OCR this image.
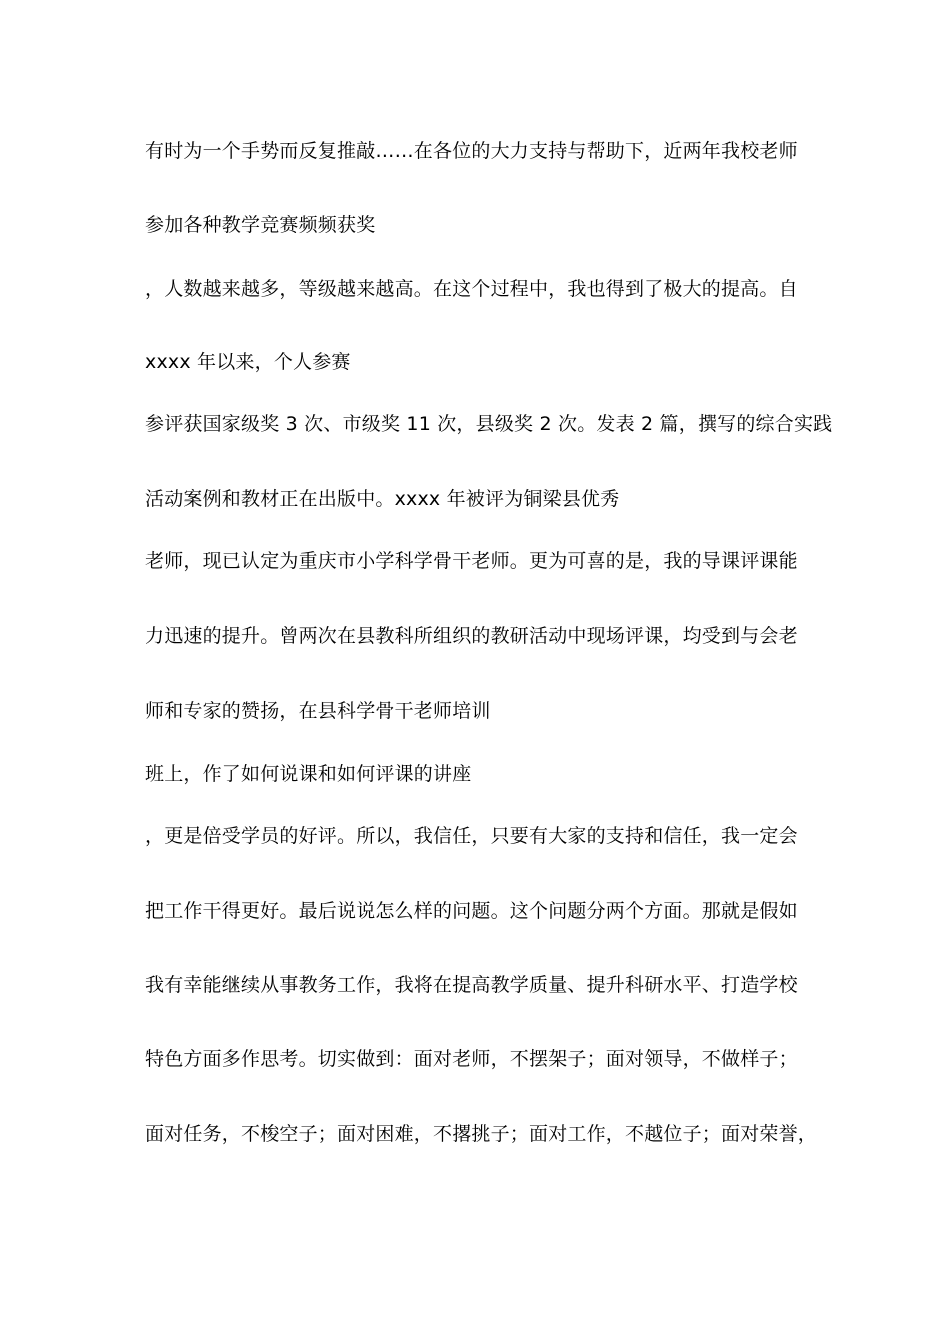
有时为一个手势而反复推敲……在各位的大力支持与帮助下，近两年我校老师
参加各种教学竞赛频频获奖
，人数越来越多，等级越来越高。在这个过程中，我也得到了极大的提高。自
xxxx 年以来，个人参赛
参评获国家级奖 3 次、市级奖 11 次，县级奖 2 次。发表 2 篇，撰写的综合实践
活动案例和教材正在出版中。xxxx 年被评为铜梁县优秀
老师，现已认定为重庆市小学科学骨干老师。更为可喜的是，我的导课评课能
力迅速的提升。曾两次在县教科所组织的教研活动中现场评课，均受到与会老
师和专家的赞扬，在县科学骨干老师培训
班上，作了如何说课和如何评课的讲座
，更是倍受学员的好评。所以，我信任，只要有大家的支持和信任，我一定会
把工作干得更好。最后说说怎么样的问题。这个问题分两个方面。那就是假如
我有幸能继续从事教务工作，我将在提高教学质量、提升科研水平、打造学校
特色方面多作思考。切实做到：面对老师，不摆架子；面对领导，不做样子；
面对任务，不梭空子；面对困难，不撂挑子；面对工作，不越位子；面对荣誉，
